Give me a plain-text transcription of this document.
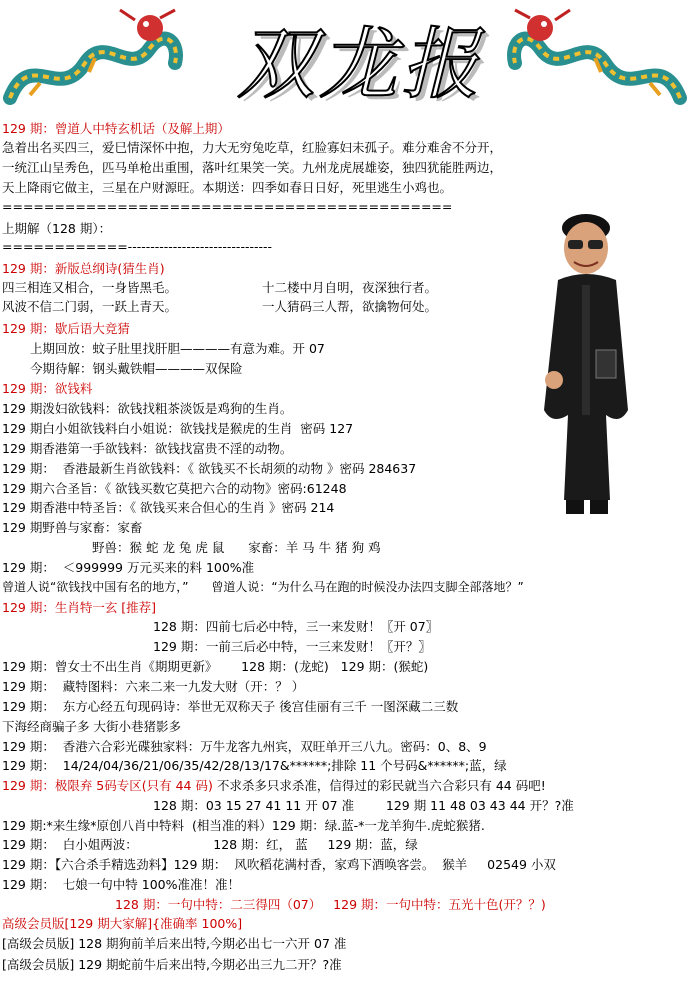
双龙报
129 期：曾道人中特玄机话（及解上期）
急着出名买四三，爱巳情深怀中抱，力大无穷兔吃草，红脸寡妇未孤子。难分难舍不分开，
一统江山呈秀色，匹马单枪出重围，落叶红果笑一笑。九州龙虎展雄姿，独四犹能胜两边，
天上降雨它做主，三星在户财源旺。本期送：四季如春日日好，死里逃生小鸡也。
===========================================
上期解（128 期）：
============--------------------------------
129 期：新版总纲诗(猜生肖)
四三相连又相合，一身皆黑毛。	十二楼中月自明，夜深独行者。
风波不信二门弱，一跃上青天。	一人猜码三人帮，欲擒物何处。
129 期：歇后语大竞猜
上期回放：蚊子肚里找肝胆————有意为难。开 07
今期待解：钢头戴铁帽————双保险
129 期：欲钱料
129 期泼妇欲钱料：欲钱找粗茶淡饭是鸡狗的生肖。
129 期白小姐欲钱料白小姐说：欲钱找是猴虎的生肖  密码 127
129 期香港第一手欲钱料：欲钱找富贵不淫的动物。
129 期：  香港最新生肖欲钱料：《 欲钱买不长胡须的动物 》密码 284637
129 期六合圣旨：《 欲钱买数它莫把六合的动物》密码:61248
129 期香港中特圣旨：《 欲钱买来合但心的生肖 》密码 214
129 期野兽与家畜：家畜
野兽：猴 蛇 龙 兔 虎 鼠      家畜：羊 马 牛 猪 狗 鸡
129 期：  ＜999999 万元买来的料 100%准
曾道人说“欲钱找中国有名的地方，”      曾道人说：“为什么马在跑的时候没办法四支脚全部落地？”
129 期：生肖特一玄 [推荐]
128 期：四前七后必中特，三一来发财！〖开 07〗
129 期：一前三后必中特，一三来发财！〖开？〗
129 期：曾女士不出生肖《期期更新》      128 期：(龙蛇)   129 期：(猴蛇)
129 期：  藏特图料：六来二来一九发大财（开：？ ）
129 期：  东方心经五句现码诗：举世无双称天子 後宫佳丽有三千 一图深藏二三数
下海经商骗子多 大街小巷猪影多
129 期：  香港六合彩光碟独家料：万牛龙客九州宾，双旺单开三八九。密码：0、8、9
129 期：  14/24/04/36/21/06/35/42/28/13/17&******;排除 11 个号码&******;蓝，绿
129 期：极限弃 5码专区(只有 44 码) 不求杀多只求杀准，信得过的彩民就当六合彩只有 44 码吧!
128 期：03 15 27 41 11 开 07 准        129 期 11 48 03 43 44 开？?准
129 期:*来生缘*原创八肖中特料  (相当准的料）129 期：绿.蓝-*一龙羊狗牛.虎蛇猴猪.
129 期：  白小姐两波：                   128 期：红， 蓝     129 期：蓝，绿
129 期：【六合杀手精选劲料】129 期：  风吹稻花满村香，家鸡下酒唤客尝。  猴羊     02549 小双
129 期：  七娘一句中特 100%准准！准！
128 期：一句中特：二三得四（07）   129 期：一句中特：五光十色(开？？)
高级会员版[129 期大家解]{准确率 100%]
[高级会员版] 128 期狗前羊后来出特,今期必出七一六开 07 准
[高级会员版] 129 期蛇前牛后来出特,今期必出三九二开？?准
